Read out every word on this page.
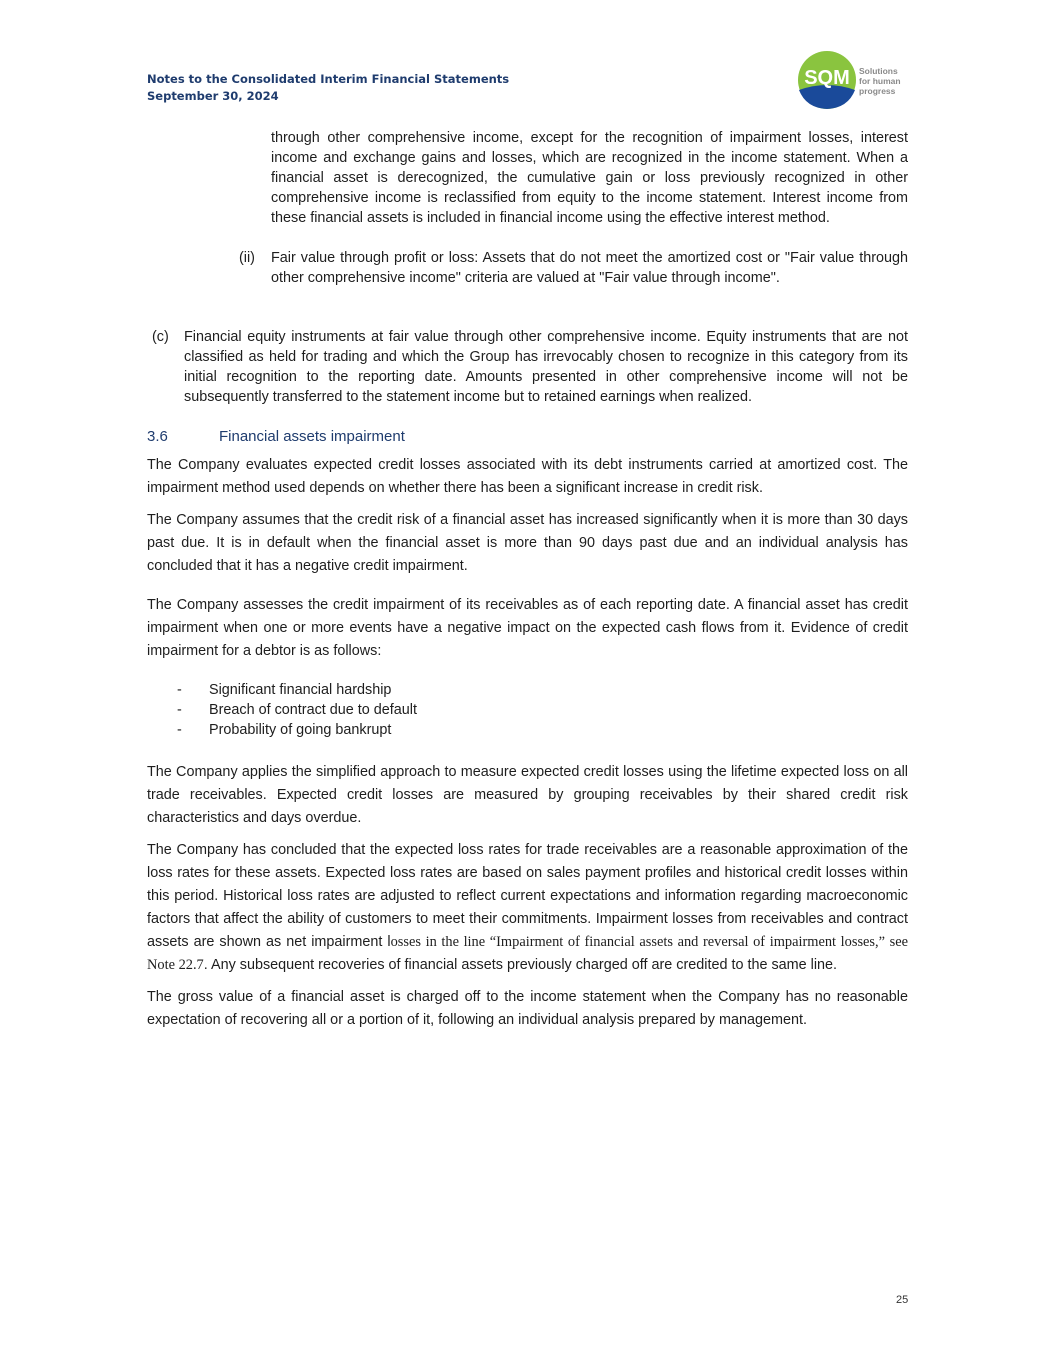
Notes to the Consolidated Interim Financial Statements
September 30, 2024
SQM Solutions
for human
progress

through other comprehensive income, except for the recognition of impairment losses, interest income and exchange gains and losses, which are recognized in the income statement. When a financial asset is derecognized, the cumulative gain or loss previously recognized in other comprehensive income is reclassified from equity to the income statement. Interest income from these financial assets is included in financial income using the effective interest method.

(ii) Fair value through profit or loss: Assets that do not meet the amortized cost or "Fair value through other comprehensive income" criteria are valued at "Fair value through income".

(c) Financial equity instruments at fair value through other comprehensive income. Equity instruments that are not classified as held for trading and which the Group has irrevocably chosen to recognize in this category from its initial recognition to the reporting date. Amounts presented in other comprehensive income will not be subsequently transferred to the statement income but to retained earnings when realized.

3.6	Financial assets impairment

The Company evaluates expected credit losses associated with its debt instruments carried at amortized cost. The impairment method used depends on whether there has been a significant increase in credit risk.

The Company assumes that the credit risk of a financial asset has increased significantly when it is more than 30 days past due. It is in default when the financial asset is more than 90 days past due and an individual analysis has concluded that it has a negative credit impairment.

The Company assesses the credit impairment of its receivables as of each reporting date. A financial asset has credit impairment when one or more events have a negative impact on the expected cash flows from it. Evidence of credit impairment for a debtor is as follows:

- Significant financial hardship
- Breach of contract due to default
- Probability of going bankrupt

The Company applies the simplified approach to measure expected credit losses using the lifetime expected loss on all trade receivables. Expected credit losses are measured by grouping receivables by their shared credit risk characteristics and days overdue.

The Company has concluded that the expected loss rates for trade receivables are a reasonable approximation of the loss rates for these assets. Expected loss rates are based on sales payment profiles and historical credit losses within this period. Historical loss rates are adjusted to reflect current expectations and information regarding macroeconomic factors that affect the ability of customers to meet their commitments. Impairment losses from receivables and contract assets are shown as net impairment losses in the line “Impairment of financial assets and reversal of impairment losses,” see Note 22.7. Any subsequent recoveries of financial assets previously charged off are credited to the same line.

The gross value of a financial asset is charged off to the income statement when the Company has no reasonable expectation of recovering all or a portion of it, following an individual analysis prepared by management.

25
